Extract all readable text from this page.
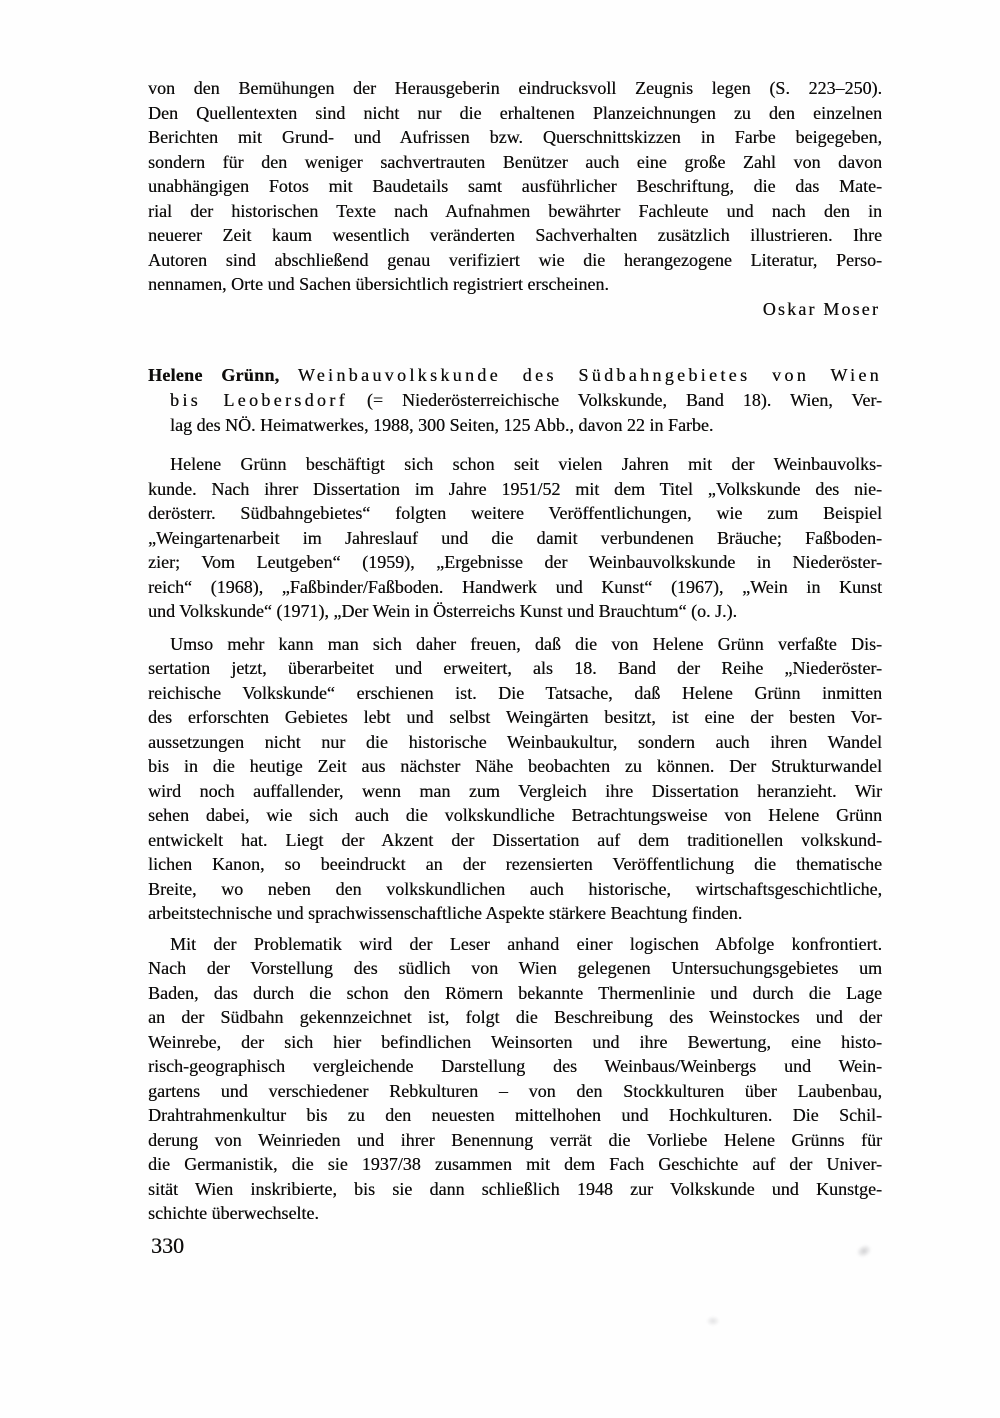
von den Bemühungen der Herausgeberin eindrucksvoll Zeugnis legen (S. 223–250).
Den Quellentexten sind nicht nur die erhaltenen Planzeichnungen zu den einzelnen
Berichten mit Grund- und Aufrissen bzw. Querschnittskizzen in Farbe beigegeben,
sondern für den weniger sachvertrauten Benützer auch eine große Zahl von davon
unabhängigen Fotos mit Baudetails samt ausführlicher Beschriftung, die das Mate-
rial der historischen Texte nach Aufnahmen bewährter Fachleute und nach den in
neuerer Zeit kaum wesentlich veränderten Sachverhalten zusätzlich illustrieren. Ihre
Autoren sind abschließend genau verifiziert wie die herangezogene Literatur, Perso-
nennamen, Orte und Sachen übersichtlich registriert erscheinen.
Oskar Moser
Helene Grünn, Weinbauvolkskunde des Südbahngebietes von Wien
bis Leobersdorf (= Niederösterreichische Volkskunde, Band 18). Wien, Ver-
lag des NÖ. Heimatwerkes, 1988, 300 Seiten, 125 Abb., davon 22 in Farbe.
Helene Grünn beschäftigt sich schon seit vielen Jahren mit der Weinbauvolks-
kunde. Nach ihrer Dissertation im Jahre 1951/52 mit dem Titel „Volkskunde des nie-
derösterr. Südbahngebietes“ folgten weitere Veröffentlichungen, wie zum Beispiel
„Weingartenarbeit im Jahreslauf und die damit verbundenen Bräuche; Faßboden-
zier; Vom Leutgeben“ (1959), „Ergebnisse der Weinbauvolkskunde in Niederöster-
reich“ (1968), „Faßbinder/Faßboden. Handwerk und Kunst“ (1967), „Wein in Kunst
und Volkskunde“ (1971), „Der Wein in Österreichs Kunst und Brauchtum“ (o. J.).
Umso mehr kann man sich daher freuen, daß die von Helene Grünn verfaßte Dis-
sertation jetzt, überarbeitet und erweitert, als 18. Band der Reihe „Niederöster-
reichische Volkskunde“ erschienen ist. Die Tatsache, daß Helene Grünn inmitten
des erforschten Gebietes lebt und selbst Weingärten besitzt, ist eine der besten Vor-
aussetzungen nicht nur die historische Weinbaukultur, sondern auch ihren Wandel
bis in die heutige Zeit aus nächster Nähe beobachten zu können. Der Strukturwandel
wird noch auffallender, wenn man zum Vergleich ihre Dissertation heranzieht. Wir
sehen dabei, wie sich auch die volkskundliche Betrachtungsweise von Helene Grünn
entwickelt hat. Liegt der Akzent der Dissertation auf dem traditionellen volkskund-
lichen Kanon, so beeindruckt an der rezensierten Veröffentlichung die thematische
Breite, wo neben den volkskundlichen auch historische, wirtschaftsgeschichtliche,
arbeitstechnische und sprachwissenschaftliche Aspekte stärkere Beachtung finden.
Mit der Problematik wird der Leser anhand einer logischen Abfolge konfrontiert.
Nach der Vorstellung des südlich von Wien gelegenen Untersuchungsgebietes um
Baden, das durch die schon den Römern bekannte Thermenlinie und durch die Lage
an der Südbahn gekennzeichnet ist, folgt die Beschreibung des Weinstockes und der
Weinrebe, der sich hier befindlichen Weinsorten und ihre Bewertung, eine histo-
risch-geographisch vergleichende Darstellung des Weinbaus/Weinbergs und Wein-
gartens und verschiedener Rebkulturen – von den Stockkulturen über Laubenbau,
Drahtrahmenkultur bis zu den neuesten mittelhohen und Hochkulturen. Die Schil-
derung von Weinrieden und ihrer Benennung verrät die Vorliebe Helene Grünns für
die Germanistik, die sie 1937/38 zusammen mit dem Fach Geschichte auf der Univer-
sität Wien inskribierte, bis sie dann schließlich 1948 zur Volkskunde und Kunstge-
schichte überwechselte.
330
